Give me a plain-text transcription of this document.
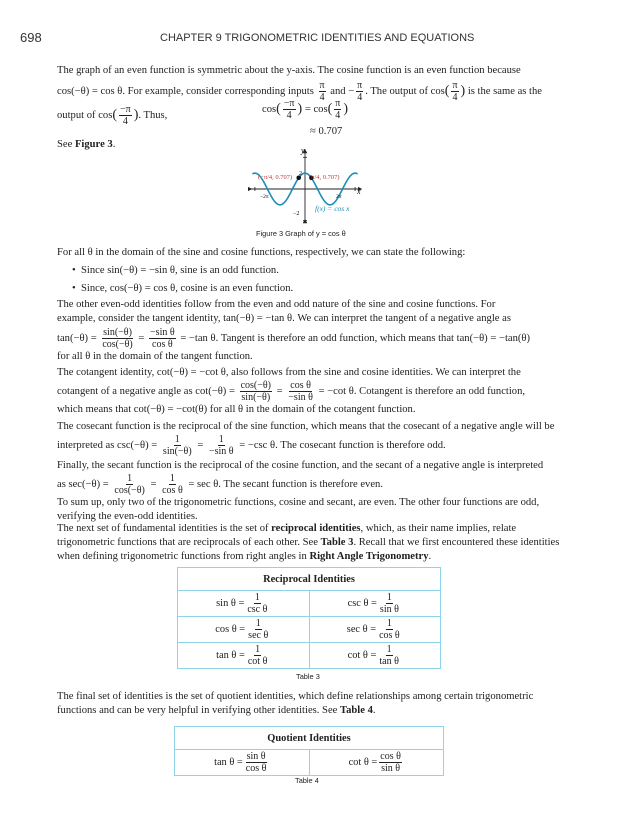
698	CHAPTER 9 TRIGONOMETRIC IDENTITIES AND EQUATIONS
The graph of an even function is symmetric about the y-axis. The cosine function is an even function because
cos(−θ) = cos θ. For example, consider corresponding inputs $\frac{\pi}{4}$ and − $\frac{\pi}{4}$ . The output of $\cos( \frac{\pi}{4}$ ) is the same as the
output of $\cos( \frac{-\pi}{4}$ ). Thus,
$\cos( \frac{-\pi}{4}$ ) = $\cos( \frac{\pi}{4}$ )
≈ 0.707
See Figure 3.
y
x
2
−2
−2π	2π
(−π/4, 0.707)	(π/4, 0.707)
f(x) = cos x
Figure 3 Graph of y = cos θ
For all θ in the domain of the sine and cosine functions, respectively, we can state the following:
•  Since sin(−θ) = −sin θ, sine is an odd function.
•  Since, cos(−θ) = cos θ, cosine is an even function.
The other even-odd identities follow from the even and odd nature of the sine and cosine functions. For
example, consider the tangent identity, tan(−θ) = −tan θ. We can interpret the tangent of a negative angle as
$\tan(-\theta) = \frac{\sin(-\theta)}{\cos(-\theta)} = \frac{\text{−sin θ}}{\text{cos θ}} = -\tan$ θ. Tangent is therefore an odd function, which means that tan(−θ) = −tan(θ)
for all θ in the domain of the tangent function.
The cotangent identity, cot(−θ) = −cot θ, also follows from the sine and cosine identities. We can interpret the
cotangent of a negative angle as $\cot(-\theta) = \frac{\cos(-\theta)}{\sin(-\theta)} = \frac{\text{cos θ}}{\text{−sin θ}} = -\cot$ θ. Cotangent is therefore an odd function,
which means that cot(−θ) = −cot(θ) for all θ in the domain of the cotangent function.
The cosecant function is the reciprocal of the sine function, which means that the cosecant of a negative angle will be
interpreted as $\csc(-\theta) = \frac{1}{\sin(-\theta)} = \frac{1}{\text{−sin θ}} = -\csc$ θ. The cosecant function is therefore odd.
Finally, the secant function is the reciprocal of the cosine function, and the secant of a negative angle is interpreted
as $\sec(-\theta) = \frac{1}{\cos(-\theta)} = \frac{1}{\text{cos θ}} = \sec \theta$. The secant function is therefore even.
To sum up, only two of the trigonometric functions, cosine and secant, are even. The other four functions are odd,
verifying the even-odd identities.
The next set of fundamental identities is the set of reciprocal identities, which, as their name implies, relate
trigonometric functions that are reciprocals of each other. See Table 3. Recall that we first encountered these identities
when defining trigonometric functions from right angles in Right Angle Trigonometry.
Reciprocal Identities	
$\sin \theta = \frac{1}{\text{csc θ}}$	$\csc \theta = \frac{1}{\text{sin θ}}$

$\cos \theta = \frac{1}{\text{sec θ}}$	$\sec \theta = \frac{1}{\text{cos θ}}$

$\tan \theta = \frac{1}{\text{cot θ}}$	$\cot \theta = \frac{1}{\text{tan θ}}$
Table 3
The final set of identities is the set of quotient identities, which define relationships among certain trigonometric
functions and can be very helpful in verifying other identities. See Table 4.
Quotient Identities
$\tan \theta = \frac{\text{sin θ}}{\text{cos θ}}$	$\cot \theta = \frac{\text{cos θ}}{\text{sin θ}}$
Table 4
